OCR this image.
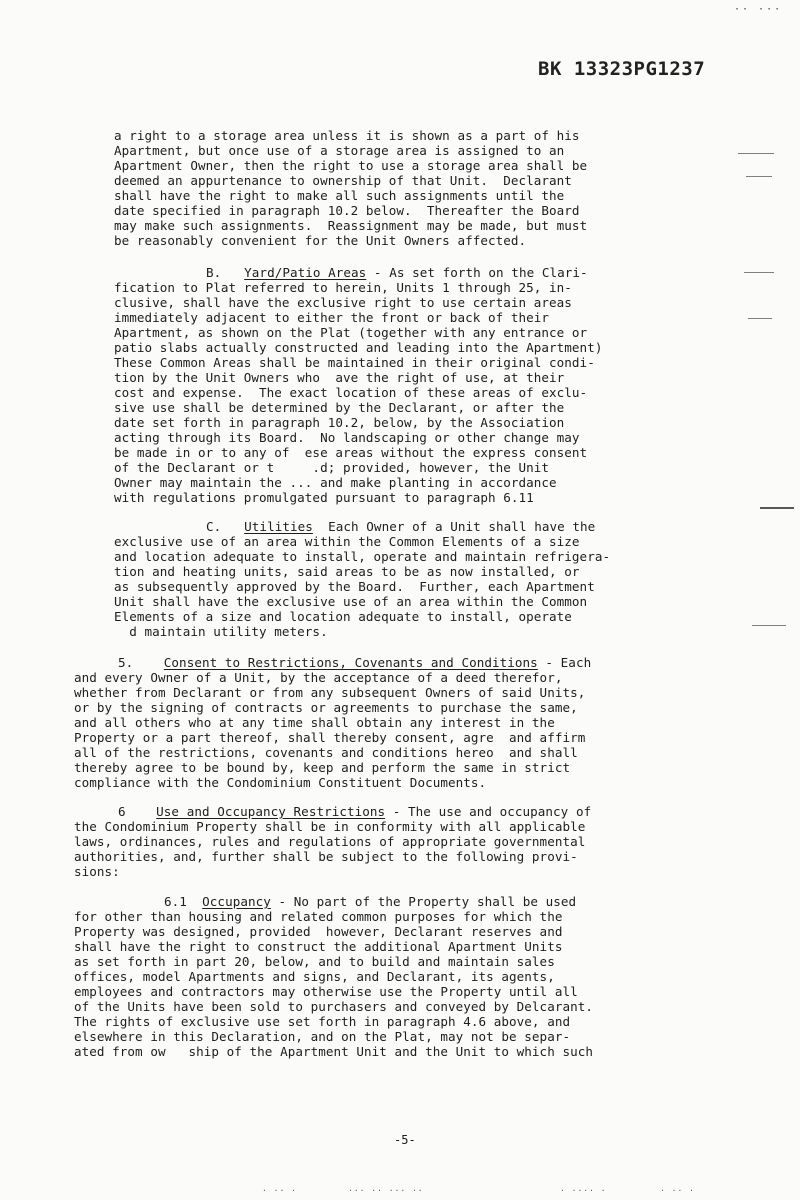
·· ···
BK 13323PG1237
a right to a storage area unless it is shown as a part of his
Apartment, but once use of a storage area is assigned to an
Apartment Owner, then the right to use a storage area shall be
deemed an appurtenance to ownership of that Unit.  Declarant
shall have the right to make all such assignments until the
date specified in paragraph 10.2 below.  Thereafter the Board
may make such assignments.  Reassignment may be made, but must
be reasonably convenient for the Unit Owners affected.
B.   Yard/Patio Areas - As set forth on the Clari-
fication to Plat referred to herein, Units 1 through 25, in-
clusive, shall have the exclusive right to use certain areas
immediately adjacent to either the front or back of their
Apartment, as shown on the Plat (together with any entrance or
patio slabs actually constructed and leading into the Apartment)
These Common Areas shall be maintained in their original condi-
tion by the Unit Owners who  ave the right of use, at their
cost and expense.  The exact location of these areas of exclu-
sive use shall be determined by the Declarant, or after the
date set forth in paragraph 10.2, below, by the Association
acting through its Board.  No landscaping or other change may
be made in or to any of  ese areas without the express consent
of the Declarant or t     .d; provided, however, the Unit
Owner may maintain the ... and make planting in accordance
with regulations promulgated pursuant to paragraph 6.11
C.   Utilities  Each Owner of a Unit shall have the
exclusive use of an area within the Common Elements of a size
and location adequate to install, operate and maintain refrigera-
tion and heating units, said areas to be as now installed, or
as subsequently approved by the Board.  Further, each Apartment
Unit shall have the exclusive use of an area within the Common
Elements of a size and location adequate to install, operate
d maintain utility meters.
5.    Consent to Restrictions, Covenants and Conditions - Each
and every Owner of a Unit, by the acceptance of a deed therefor,
whether from Declarant or from any subsequent Owners of said Units,
or by the signing of contracts or agreements to purchase the same,
and all others who at any time shall obtain any interest in the
Property or a part thereof, shall thereby consent, agre  and affirm
all of the restrictions, covenants and conditions hereo  and shall
thereby agree to be bound by, keep and perform the same in strict
compliance with the Condominium Constituent Documents.
6    Use and Occupancy Restrictions - The use and occupancy of
the Condominium Property shall be in conformity with all applicable
laws, ordinances, rules and regulations of appropriate governmental
authorities, and, further shall be subject to the following provi-
sions:
6.1  Occupancy - No part of the Property shall be used
for other than housing and related common purposes for which the
Property was designed, provided  however, Declarant reserves and
shall have the right to construct the additional Apartment Units
as set forth in part 20, below, and to build and maintain sales
offices, model Apartments and signs, and Declarant, its agents,
employees and contractors may otherwise use the Property until all
of the Units have been sold to purchasers and conveyed by Delcarant.
The rights of exclusive use set forth in paragraph 4.6 above, and
elsewhere in this Declaration, and on the Plat, may not be separ-
ated from ow   ship of the Apartment Unit and the Unit to which such
-5-
· ·· ·	··· ·· ··· ··	· ···· ·	· ·· ·
